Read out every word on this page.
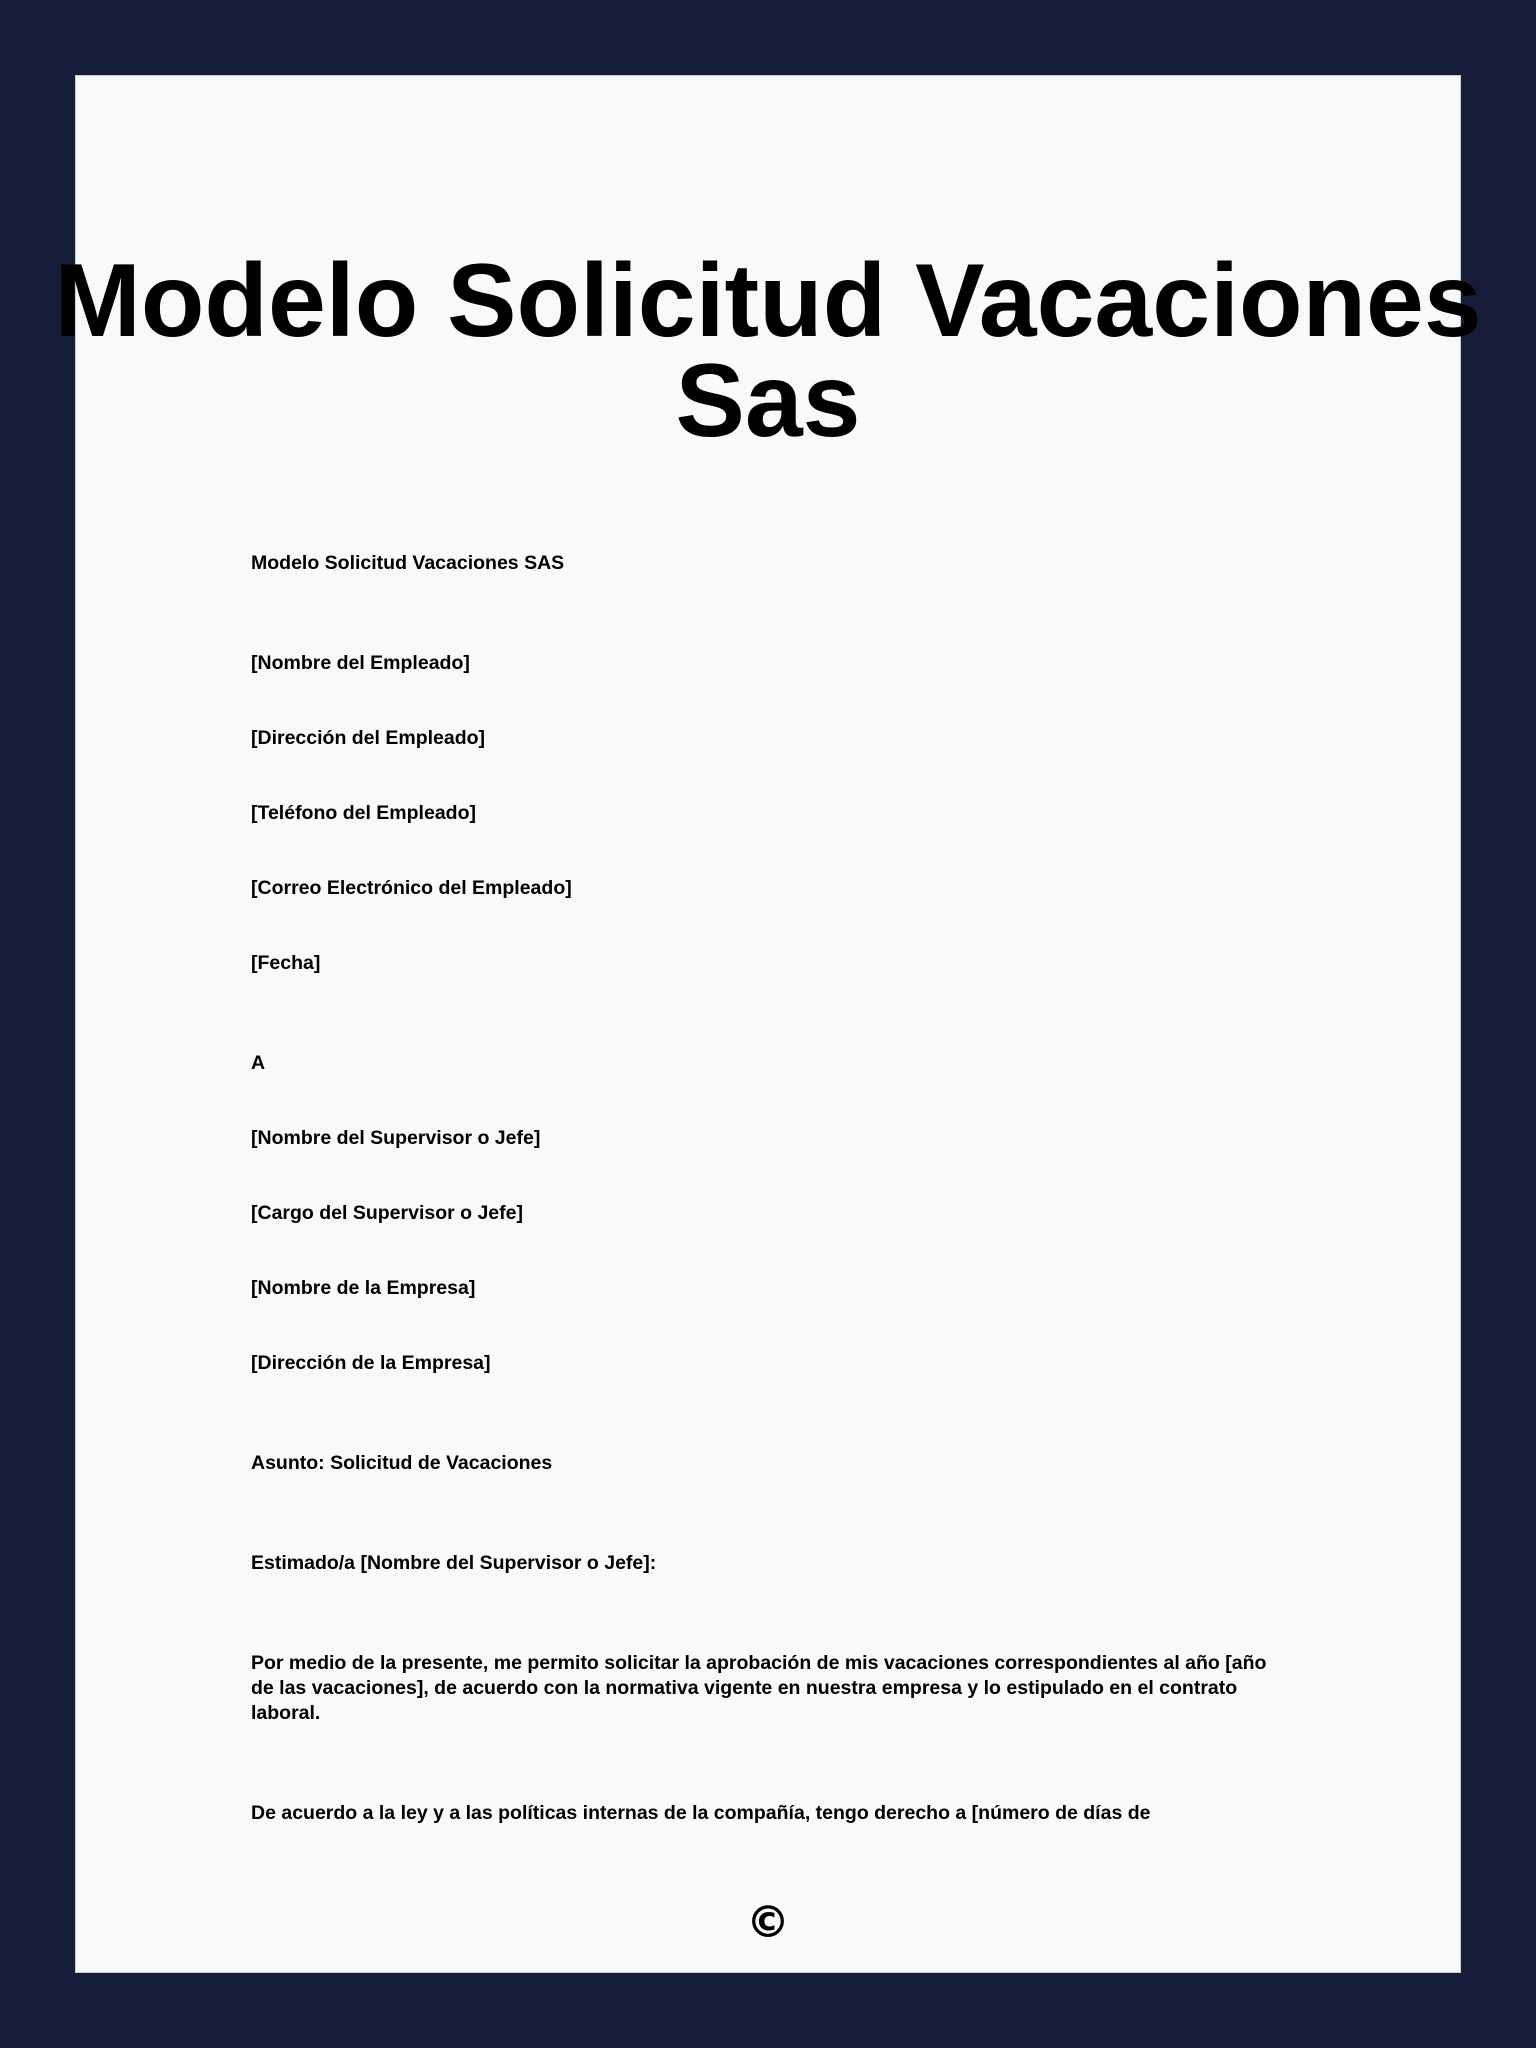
Modelo Solicitud Vacaciones Sas

Modelo Solicitud Vacaciones SAS

[Nombre del Empleado]

[Dirección del Empleado]

[Teléfono del Empleado]

[Correo Electrónico del Empleado]

[Fecha]

A

[Nombre del Supervisor o Jefe]

[Cargo del Supervisor o Jefe]

[Nombre de la Empresa]

[Dirección de la Empresa]

Asunto: Solicitud de Vacaciones

Estimado/a [Nombre del Supervisor o Jefe]:

Por medio de la presente, me permito solicitar la aprobación de mis vacaciones correspondientes al año [año de las vacaciones], de acuerdo con la normativa vigente en nuestra empresa y lo estipulado en el contrato laboral.

De acuerdo a la ley y a las políticas internas de la compañía, tengo derecho a [número de días de

©
